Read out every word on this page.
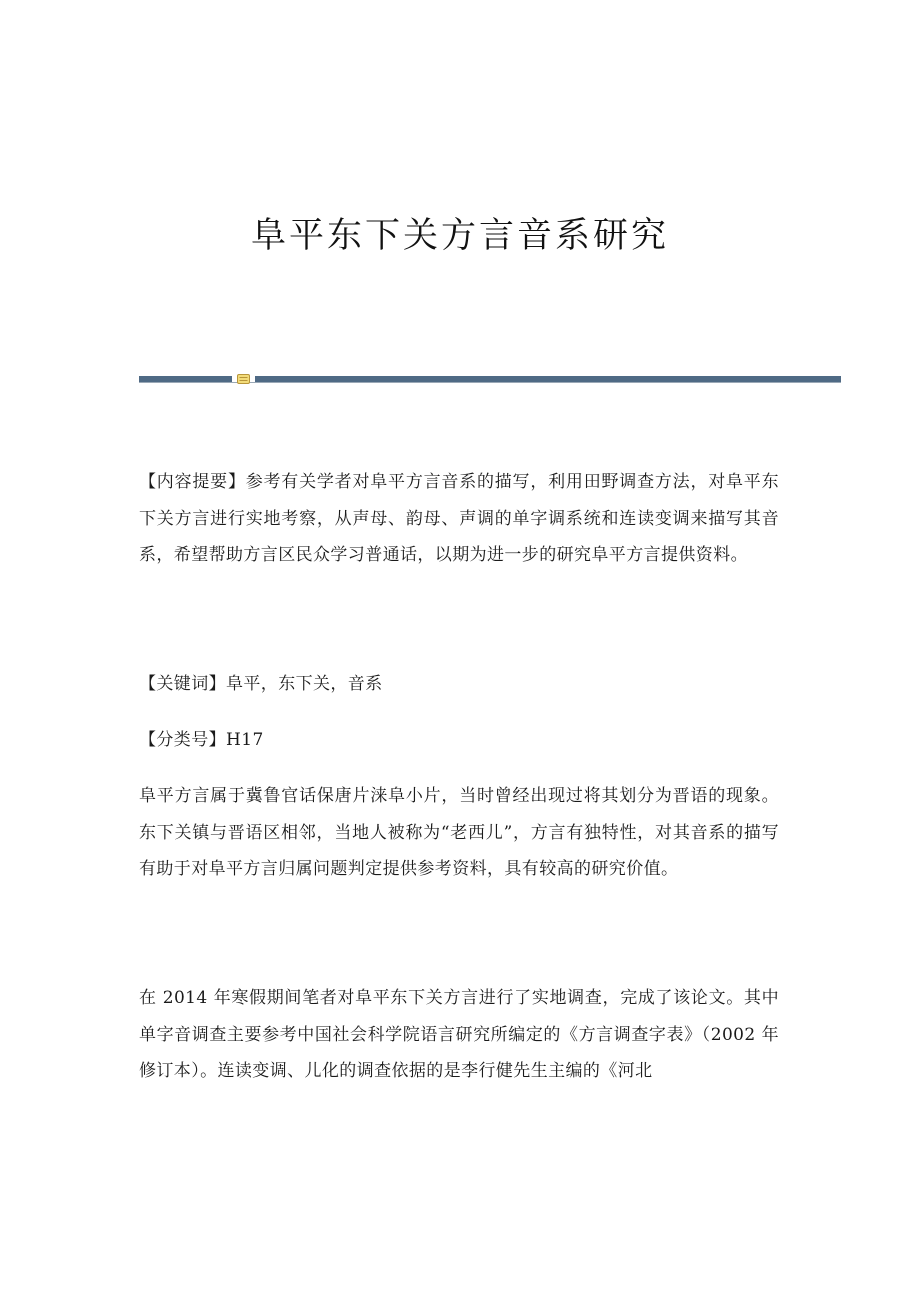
阜平东下关方言音系研究
【内容提要】参考有关学者对阜平方言音系的描写，利用田野调查方法，对阜平东下关方言进行实地考察，从声母、韵母、声调的单字调系统和连读变调来描写其音系，希望帮助方言区民众学习普通话，以期为进一步的研究阜平方言提供资料。
【关键词】阜平，东下关，音系
【分类号】H17
阜平方言属于冀鲁官话保唐片涞阜小片，当时曾经出现过将其划分为晋语的现象。东下关镇与晋语区相邻，当地人被称为“老西儿”，方言有独特性，对其音系的描写有助于对阜平方言归属问题判定提供参考资料，具有较高的研究价值。
在 2014 年寒假期间笔者对阜平东下关方言进行了实地调查，完成了该论文。其中单字音调查主要参考中国社会科学院语言研究所编定的《方言调查字表》（2002 年修订本）。连读变调、儿化的调查依据的是李行健先生主编的《河北
